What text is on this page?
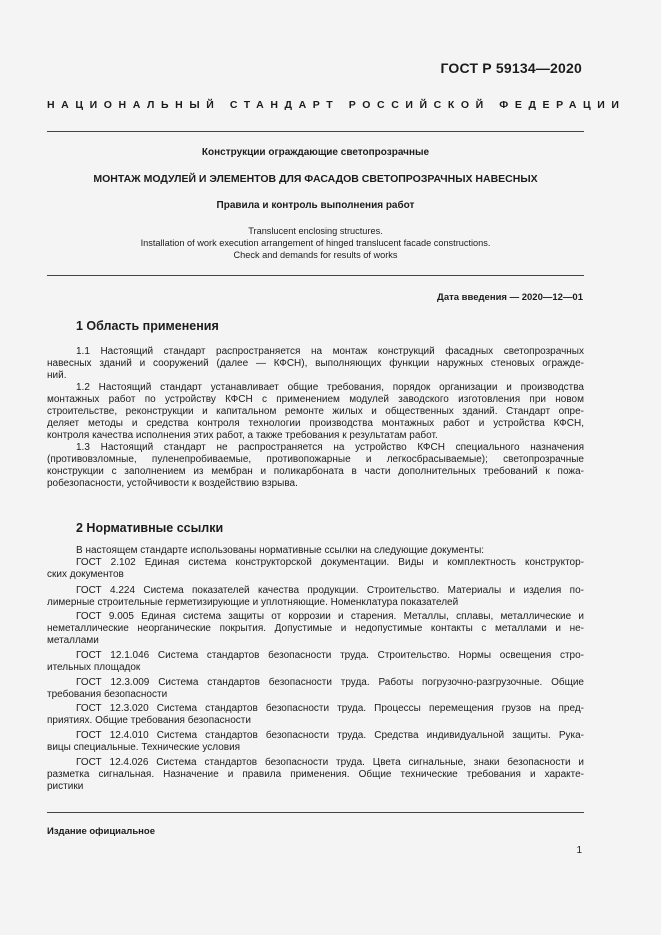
ГОСТ Р 59134—2020
НАЦИОНАЛЬНЫЙ СТАНДАРТ РОССИЙСКОЙ ФЕДЕРАЦИИ
Конструкции ограждающие светопрозрачные
МОНТАЖ МОДУЛЕЙ И ЭЛЕМЕНТОВ ДЛЯ ФАСАДОВ СВЕТОПРОЗРАЧНЫХ НАВЕСНЫХ
Правила и контроль выполнения работ
Translucent enclosing structures.
Installation of work execution arrangement of hinged translucent facade constructions.
Check and demands for results of works
Дата введения — 2020—12—01
1 Область применения
1.1 Настоящий стандарт распространяется на монтаж конструкций фасадных светопрозрачных
навесных зданий и сооружений (далее — КФСН), выполняющих функции наружных стеновых огражде-
ний.
1.2 Настоящий стандарт устанавливает общие требования, порядок организации и производства
монтажных работ по устройству КФСН с применением модулей заводского изготовления при новом
строительстве, реконструкции и капитальном ремонте жилых и общественных зданий. Стандарт опре-
деляет методы и средства контроля технологии производства монтажных работ и устройства КФСН,
контроля качества исполнения этих работ, а также требования к результатам работ.
1.3 Настоящий стандарт не распространяется на устройство КФСН специального назначения
(противовзломные, пуленепробиваемые, противопожарные и легкосбрасываемые); светопрозрачные
конструкции с заполнением из мембран и поликарбоната в части дополнительных требований к пожа-
робезопасности, устойчивости к воздействию взрыва.
2 Нормативные ссылки
В настоящем стандарте использованы нормативные ссылки на следующие документы:
ГОСТ 2.102 Единая система конструкторской документации. Виды и комплектность конструктор-
ских документов
ГОСТ 4.224 Система показателей качества продукции. Строительство. Материалы и изделия по-
лимерные строительные герметизирующие и уплотняющие. Номенклатура показателей
ГОСТ 9.005 Единая система защиты от коррозии и старения. Металлы, сплавы, металлические и
неметаллические неорганические покрытия. Допустимые и недопустимые контакты с металлами и не-
металлами
ГОСТ 12.1.046 Система стандартов безопасности труда. Строительство. Нормы освещения стро-
ительных площадок
ГОСТ 12.3.009 Система стандартов безопасности труда. Работы погрузочно-разгрузочные. Общие
требования безопасности
ГОСТ 12.3.020 Система стандартов безопасности труда. Процессы перемещения грузов на пред-
приятиях. Общие требования безопасности
ГОСТ 12.4.010 Система стандартов безопасности труда. Средства индивидуальной защиты. Рука-
вицы специальные. Технические условия
ГОСТ 12.4.026 Система стандартов безопасности труда. Цвета сигнальные, знаки безопасности и
разметка сигнальная. Назначение и правила применения. Общие технические требования и характе-
ристики
Издание официальное
1
